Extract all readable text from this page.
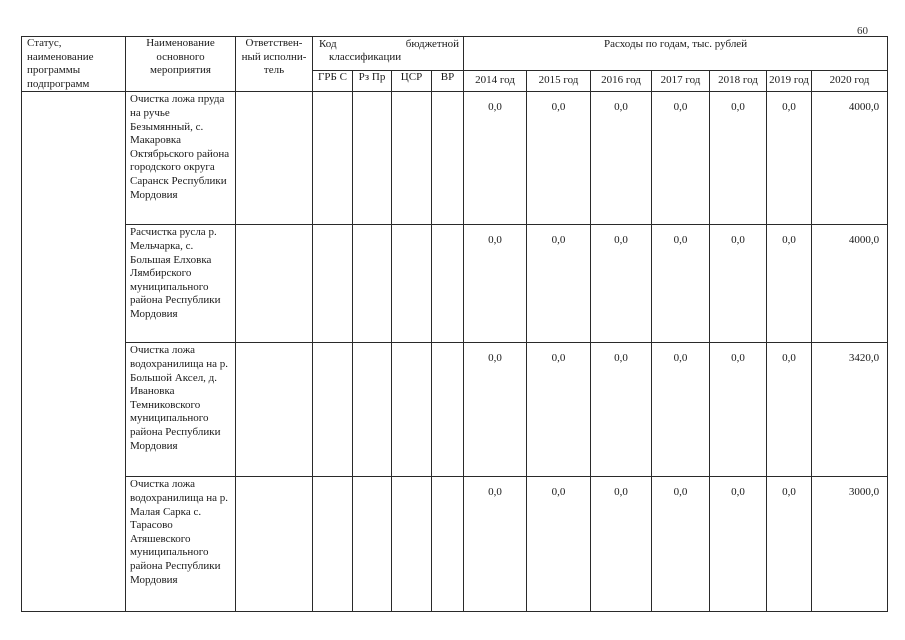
60
Статус, наименование программы подпрограмм	Наименование основного мероприятия	Ответствен-ный исполни-тель	Код бюджетной
классификации				Расходы по годам, тыс. рублей						
			ГРБ С	Рз Пр	ЦСР	ВР	2014 год	2015 год	2016 год	2017 год	2018 год	2019 год	2020 год
	Очистка ложа пруда на ручье Безымянный, с. Макаровка Октябрьского района городского округа Саранск Республики Мордовия						0,0	0,0	0,0	0,0	0,0	0,0	4000,0
	Расчистка русла р. Мельчарка, с. Большая Елховка Лямбирского муниципального района Республики Мордовия						0,0	0,0	0,0	0,0	0,0	0,0	4000,0
	Очистка ложа водохранилища на р. Большой Аксел, д. Ивановка Темниковского муниципального района Республики Мордовия						0,0	0,0	0,0	0,0	0,0	0,0	3420,0
	Очистка ложа водохранилища на р. Малая Сарка с. Тарасово Атяшевского муниципального района Республики Мордовия						0,0	0,0	0,0	0,0	0,0	0,0	3000,0
